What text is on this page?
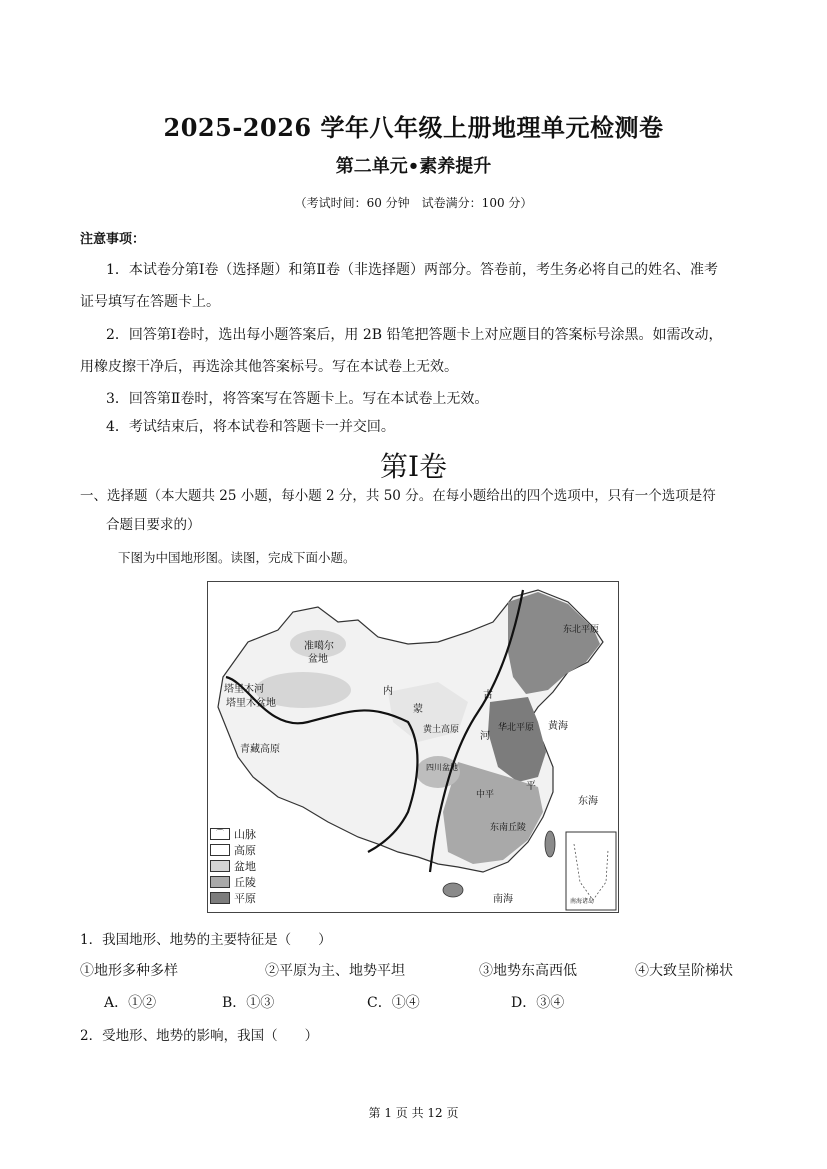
2025-2026 学年八年级上册地理单元检测卷
第二单元•素养提升
（考试时间：60 分钟　试卷满分：100 分）
注意事项：
1．本试卷分第Ⅰ卷（选择题）和第Ⅱ卷（非选择题）两部分。答卷前，考生务必将自己的姓名、准考
证号填写在答题卡上。
2．回答第Ⅰ卷时，选出每小题答案后，用 2B 铅笔把答题卡上对应题目的答案标号涂黑。如需改动，
用橡皮擦干净后，再选涂其他答案标号。写在本试卷上无效。
3．回答第Ⅱ卷时，将答案写在答题卡上。写在本试卷上无效。
4．考试结束后，将本试卷和答题卡一并交回。
第Ⅰ卷
一、选择题（本大题共 25 小题，每小题 2 分，共 50 分。在每小题给出的四个选项中，只有一个选项是符
合题目要求的）
下图为中国地形图。读图，完成下面小题。
准噶尔
盆地
塔里木河
塔里木盆地
内
蒙
古
青藏高原
黄土高原
四川盆地
东北平原
华北平原 黄海
东海
南海
河
东南丘陵
中平
平
南海诸岛
⌒ 山脉
高原
盆地
丘陵
平原
1．我国地形、地势的主要特征是（　　）
①地形多种多样	②平原为主、地势平坦	③地势东高西低	④大致呈阶梯状
A．①②	B．①③	C．①④	D．③④
2．受地形、地势的影响，我国（　　）
第 1 页 共 12 页
